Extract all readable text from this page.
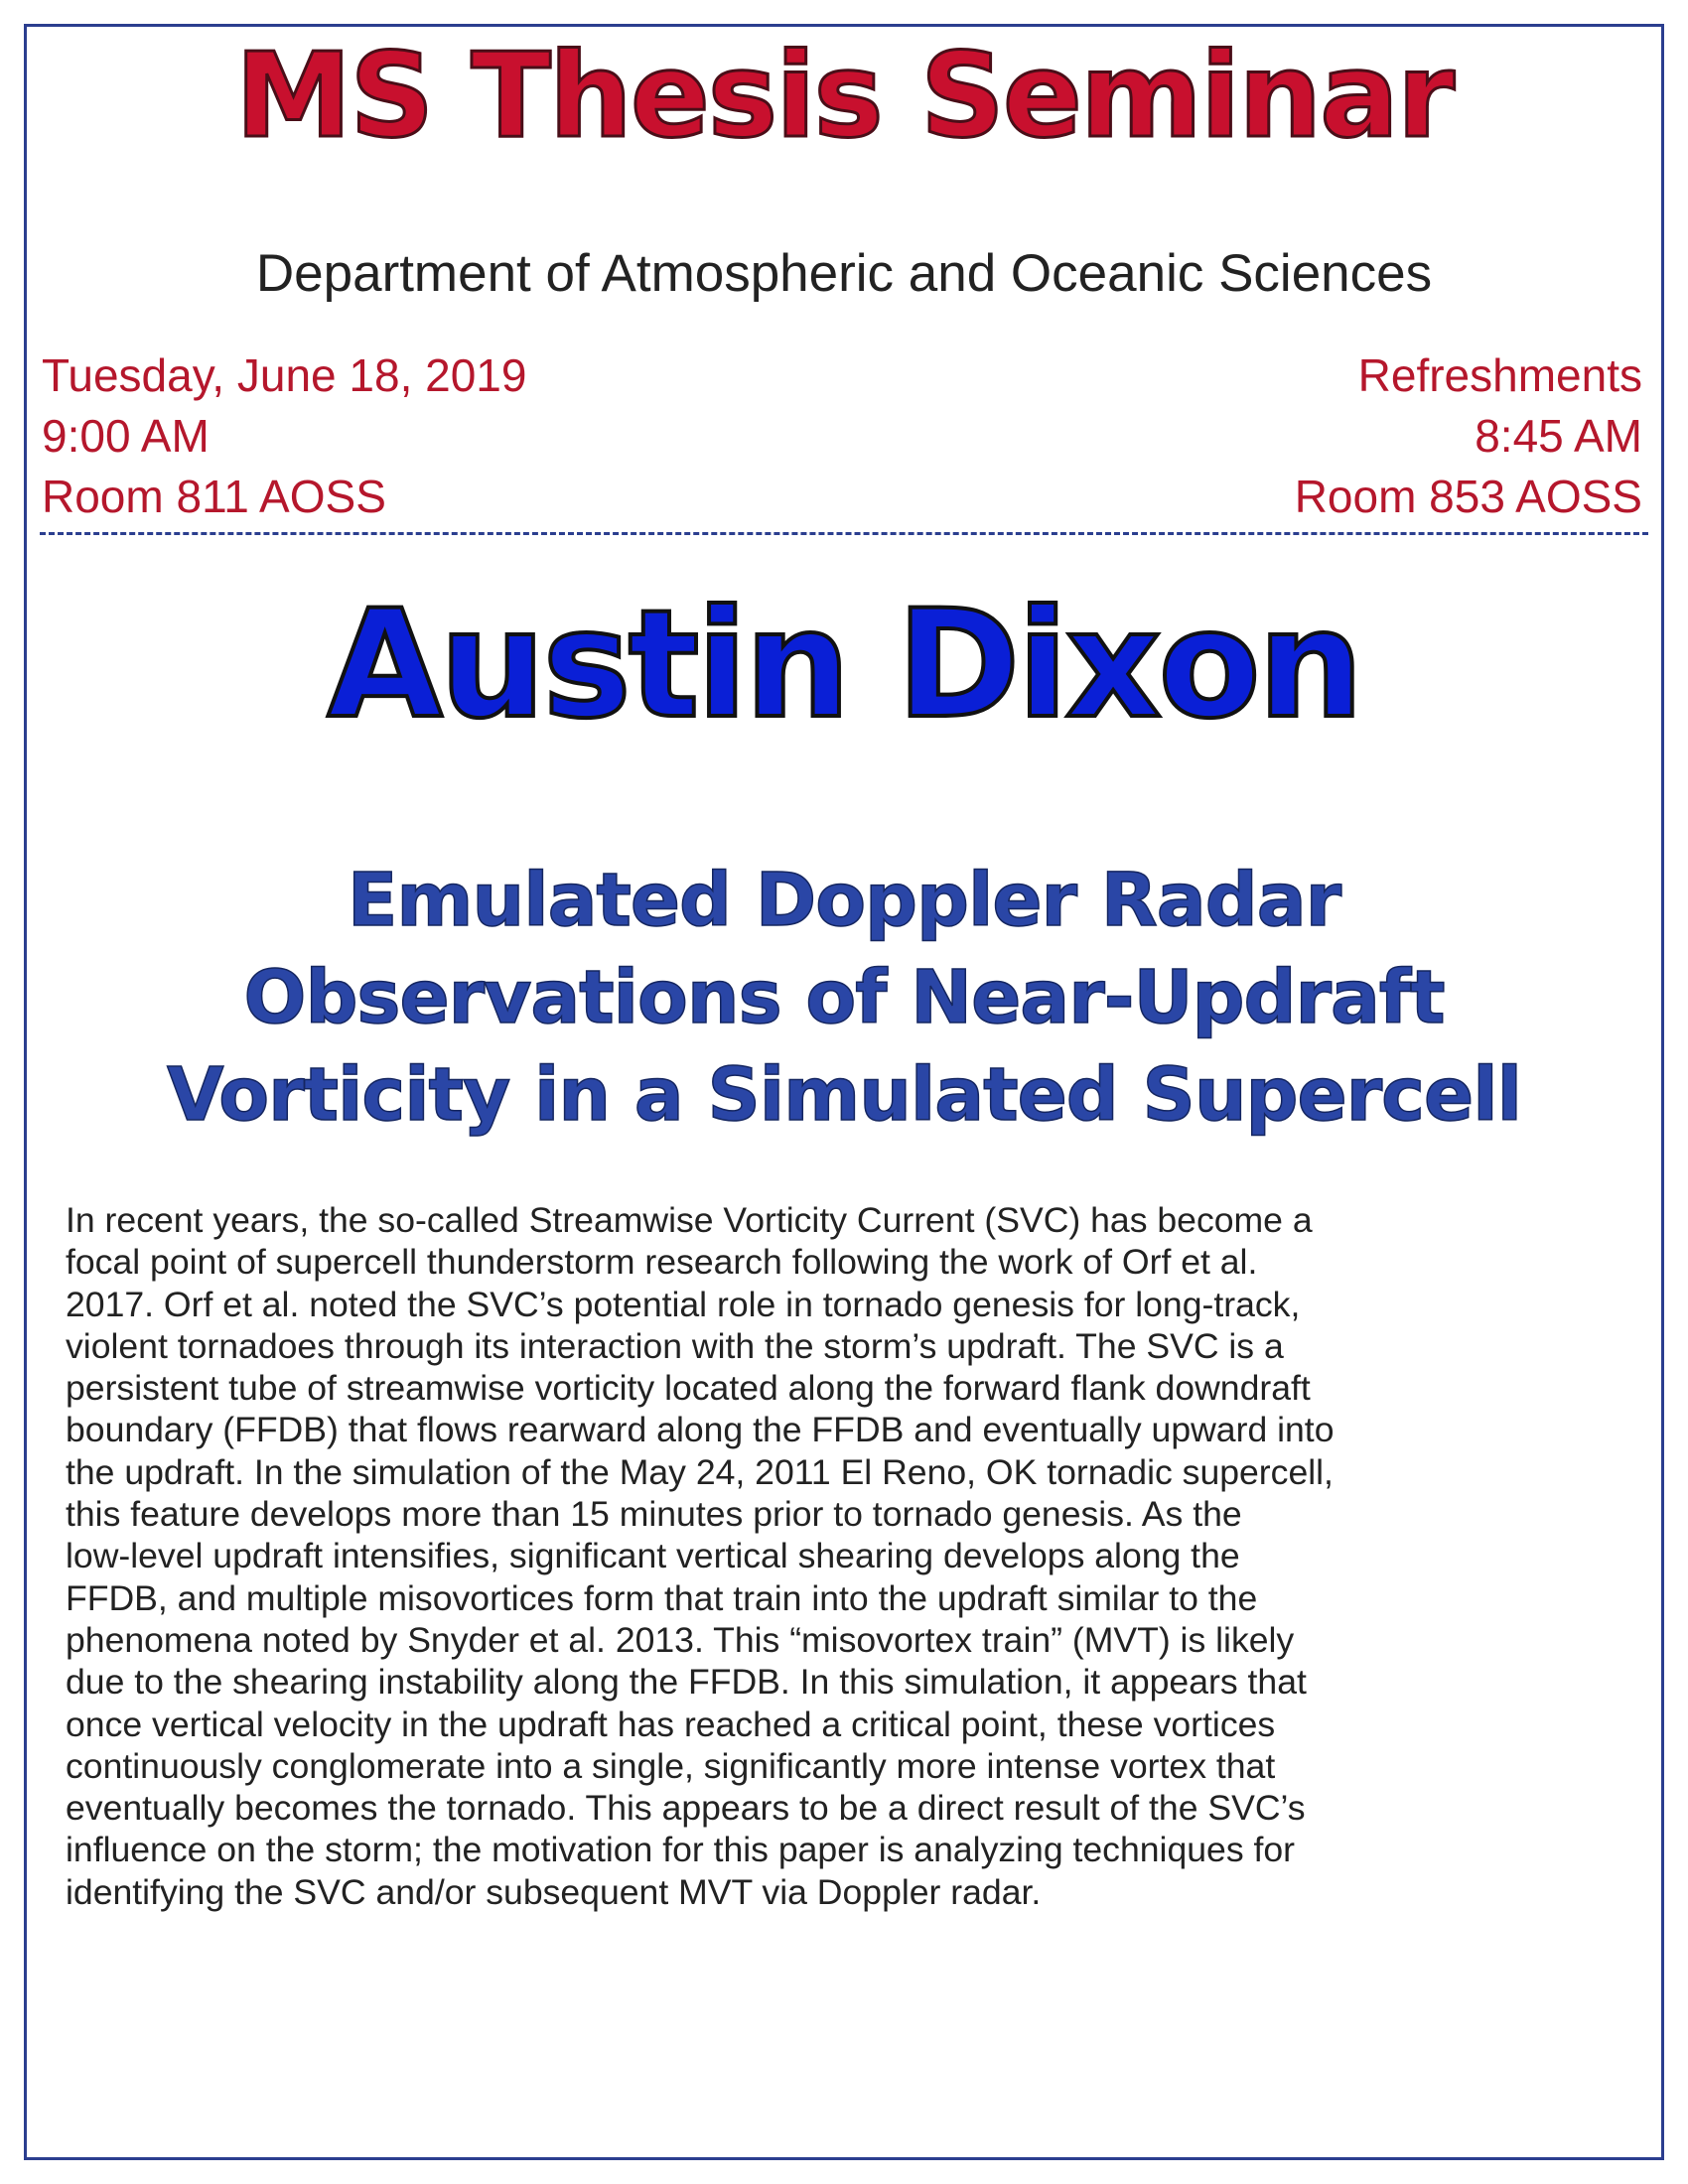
MS Thesis Seminar
Department of Atmospheric and Oceanic Sciences
Tuesday, June 18, 2019
9:00 AM
Room 811 AOSS
Refreshments
8:45 AM
Room 853 AOSS
Austin Dixon
Emulated Doppler Radar
Observations of Near-Updraft
Vorticity in a Simulated Supercell
In recent years, the so-called Streamwise Vorticity Current (SVC) has become a
focal point of supercell thunderstorm research following the work of Orf et al.
2017. Orf et al. noted the SVC’s potential role in tornado genesis for long-track,
violent tornadoes through its interaction with the storm’s updraft. The SVC is a
persistent tube of streamwise vorticity located along the forward flank downdraft
boundary (FFDB) that flows rearward along the FFDB and eventually upward into
the updraft. In the simulation of the May 24, 2011 El Reno, OK tornadic supercell,
this feature develops more than 15 minutes prior to tornado genesis. As the
low-level updraft intensifies, significant vertical shearing develops along the
FFDB, and multiple misovortices form that train into the updraft similar to the
phenomena noted by Snyder et al. 2013. This “misovortex train” (MVT) is likely
due to the shearing instability along the FFDB. In this simulation, it appears that
once vertical velocity in the updraft has reached a critical point, these vortices
continuously conglomerate into a single, significantly more intense vortex that
eventually becomes the tornado. This appears to be a direct result of the SVC’s
influence on the storm; the motivation for this paper is analyzing techniques for
identifying the SVC and/or subsequent MVT via Doppler radar.
